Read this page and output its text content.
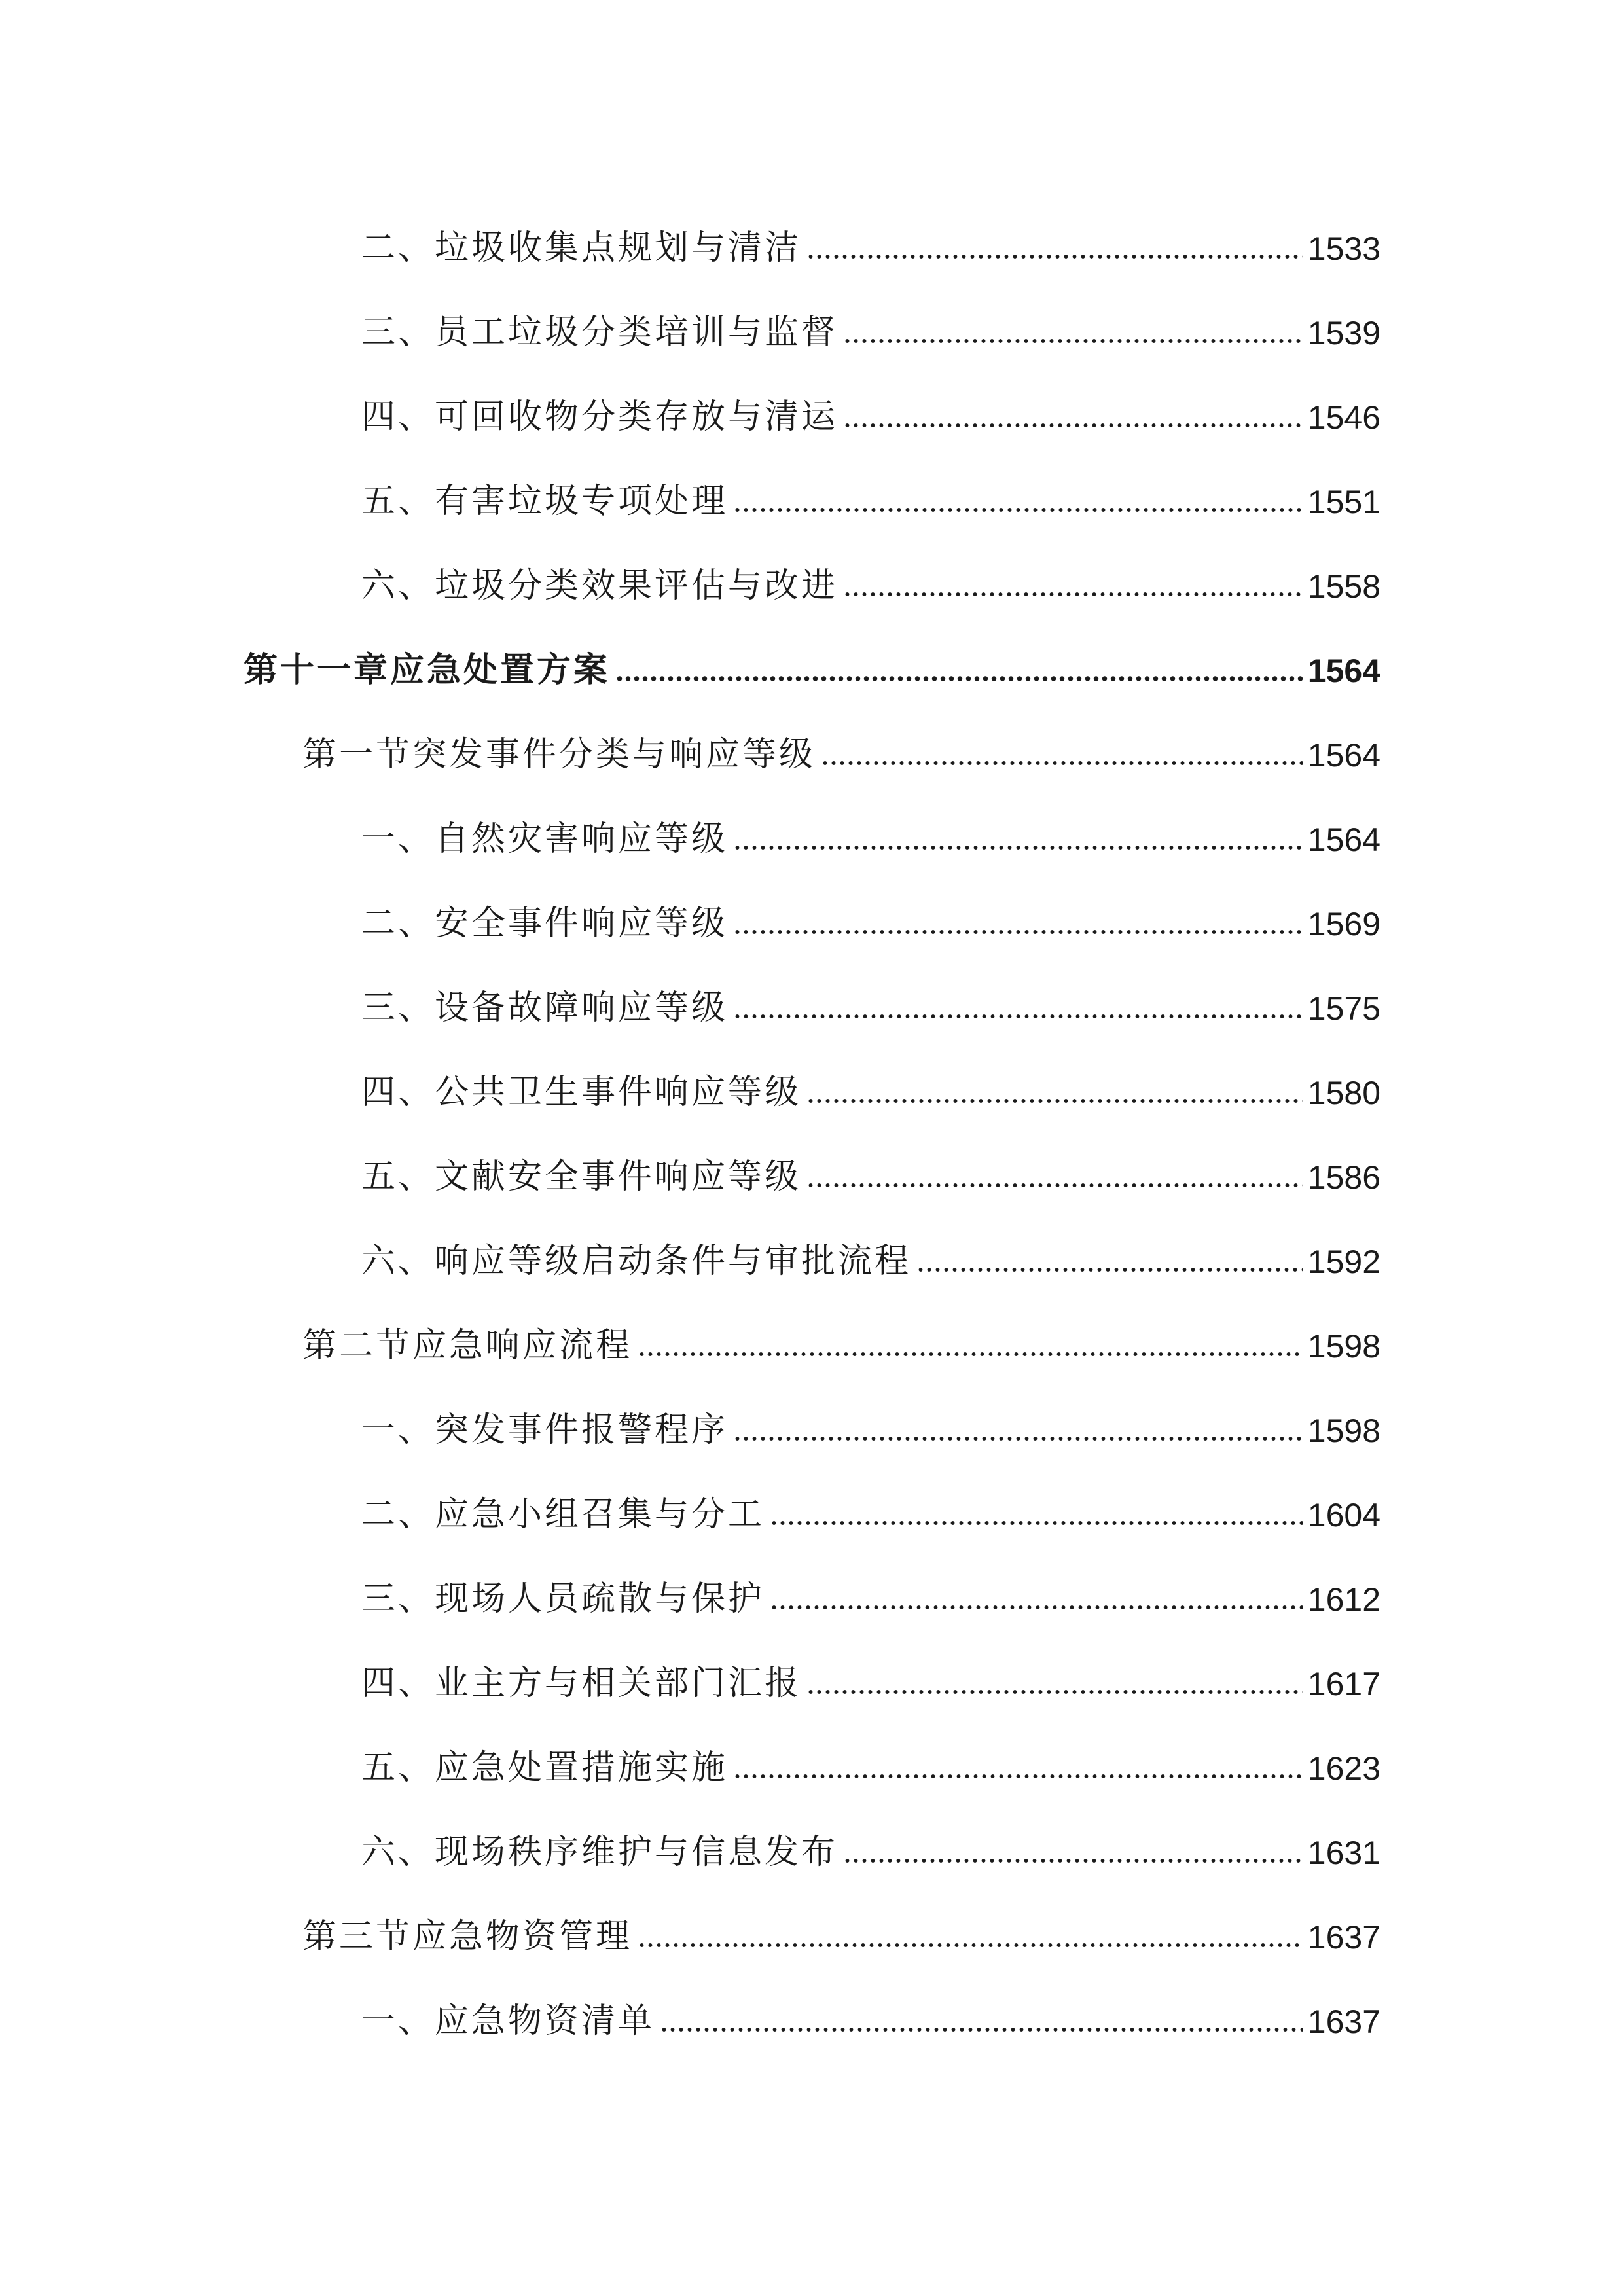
二、垃圾收集点规划与清洁	1533
三、员工垃圾分类培训与监督	1539
四、可回收物分类存放与清运	1546
五、有害垃圾专项处理	1551
六、垃圾分类效果评估与改进	1558
第十一章应急处置方案	1564
第一节突发事件分类与响应等级	1564
一、自然灾害响应等级	1564
二、安全事件响应等级	1569
三、设备故障响应等级	1575
四、公共卫生事件响应等级	1580
五、文献安全事件响应等级	1586
六、响应等级启动条件与审批流程	1592
第二节应急响应流程	1598
一、突发事件报警程序	1598
二、应急小组召集与分工	1604
三、现场人员疏散与保护	1612
四、业主方与相关部门汇报	1617
五、应急处置措施实施	1623
六、现场秩序维护与信息发布	1631
第三节应急物资管理	1637
一、应急物资清单	1637
